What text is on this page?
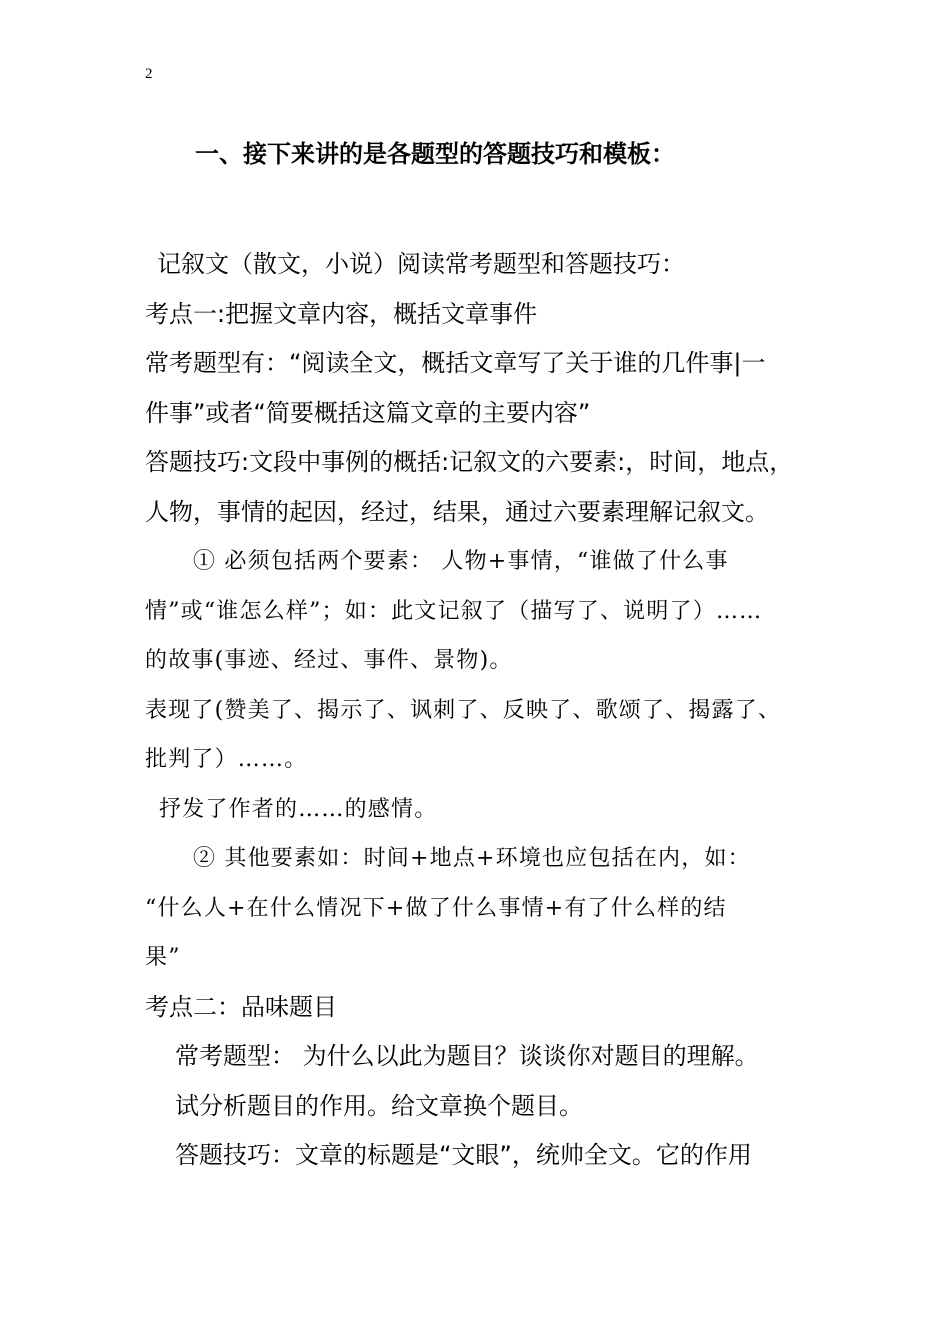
2
一、接下来讲的是各题型的答题技巧和模板：
记叙文（散文，小说）阅读常考题型和答题技巧：
考点一:把握文章内容，概括文章事件
常考题型有：“阅读全文，概括文章写了关于谁的几件事|一
件事”或者“简要概括这篇文章的主要内容”
答题技巧:文段中事例的概括:记叙文的六要素:，时间，地点，
人物，事情的起因，经过，结果，通过六要素理解记叙文。
① 必须包括两个要素： 人物+事情，“谁做了什么事
情”或“谁怎么样”；如：此文记叙了（描写了、说明了）……
的故事(事迹、经过、事件、景物)。
表现了(赞美了、揭示了、讽刺了、反映了、歌颂了、揭露了、
批判了）……。
抒发了作者的……的感情。
② 其他要素如：时间+地点+环境也应包括在内，如：
“什么人+在什么情况下+做了什么事情+有了什么样的结
果”
考点二：品味题目
常考题型： 为什么以此为题目？谈谈你对题目的理解。
试分析题目的作用。给文章换个题目。
答题技巧：文章的标题是“文眼”，统帅全文。它的作用
